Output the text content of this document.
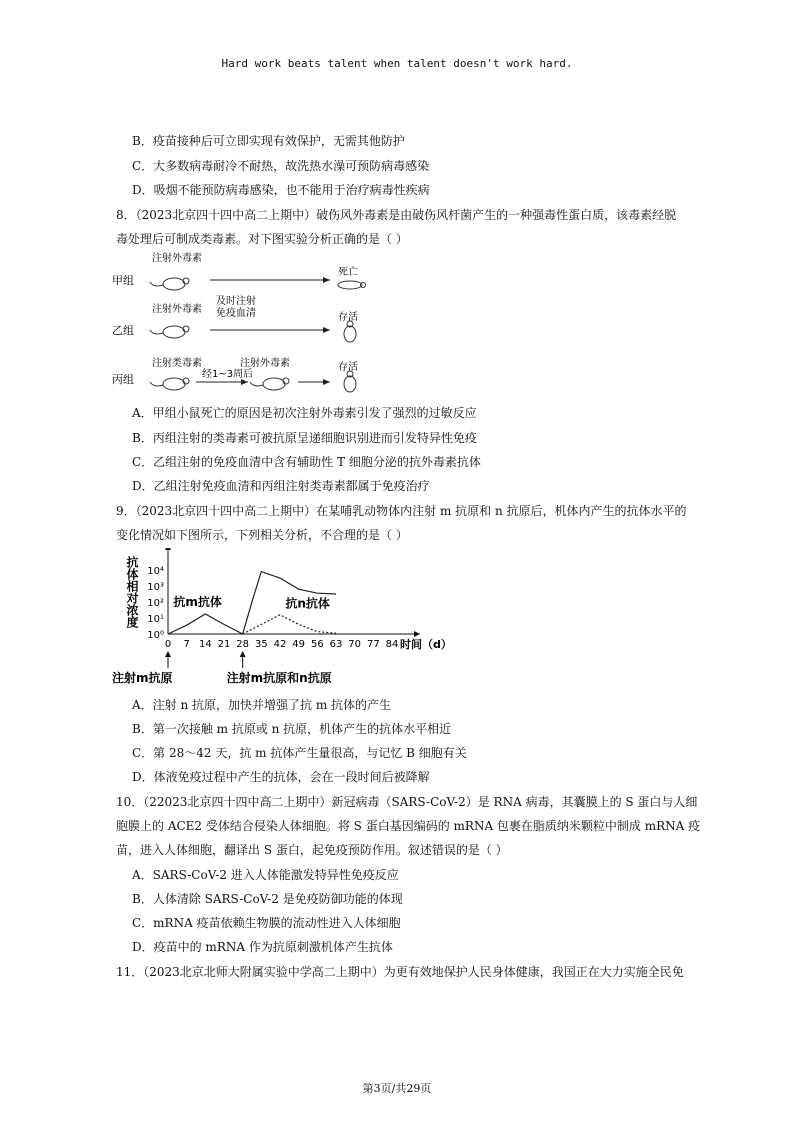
Hard work beats talent when talent doesn't work hard.
B．疫苗接种后可立即实现有效保护，无需其他防护
C．大多数病毒耐冷不耐热，故洗热水澡可预防病毒感染
D．吸烟不能预防病毒感染，也不能用于治疗病毒性疾病
8．（2023北京四十四中高二上期中）破伤风外毒素是由破伤风杆菌产生的一种强毒性蛋白质，该毒素经脱
毒处理后可制成类毒素。对下图实验分析正确的是（ ）
甲组
乙组
丙组
注射外毒素
死亡
注射外毒素
及时注射
免疫血清	存活
注射类毒素
经1~3周后
注射外毒素	存活
A．甲组小鼠死亡的原因是初次注射外毒素引发了强烈的过敏反应
B．丙组注射的类毒素可被抗原呈递细胞识别进而引发特异性免疫
C．乙组注射的免疫血清中含有辅助性 T 细胞分泌的抗外毒素抗体
D．乙组注射免疫血清和丙组注射类毒素都属于免疫治疗
9．（2023北京四十四中高二上期中）在某哺乳动物体内注射 m 抗原和 n 抗原后，机体内产生的抗体水平的
变化情况如下图所示，下列相关分析，不合理的是（ ）
抗体相对浓度
10⁰
10¹
10²
10³
10⁴
0 7 14 21 28 35 42 49 56 63 70 77 84 时间（d）
抗m抗体	抗n抗体
注射m抗原	注射m抗原和n抗原
A．注射 n 抗原，加快并增强了抗 m 抗体的产生
B．第一次接触 m 抗原或 n 抗原，机体产生的抗体水平相近
C．第 28～42 天，抗 m 抗体产生量很高，与记忆 B 细胞有关
D．体液免疫过程中产生的抗体，会在一段时间后被降解
10．（22023北京四十四中高二上期中）新冠病毒（SARS-CoV-2）是 RNA 病毒，其囊膜上的 S 蛋白与人细
胞膜上的 ACE2 受体结合侵染人体细胞。将 S 蛋白基因编码的 mRNA 包裹在脂质纳米颗粒中制成 mRNA 疫
苗，进入人体细胞，翻译出 S 蛋白，起免疫预防作用。叙述错误的是（ ）
A．SARS-CoV-2 进入人体能激发特异性免疫反应
B．人体清除 SARS-CoV-2 是免疫防御功能的体现
C．mRNA 疫苗依赖生物膜的流动性进入人体细胞
D．疫苗中的 mRNA 作为抗原刺激机体产生抗体
11．（2023北京北师大附属实验中学高二上期中）为更有效地保护人民身体健康，我国正在大力实施全民免
第3页/共29页
